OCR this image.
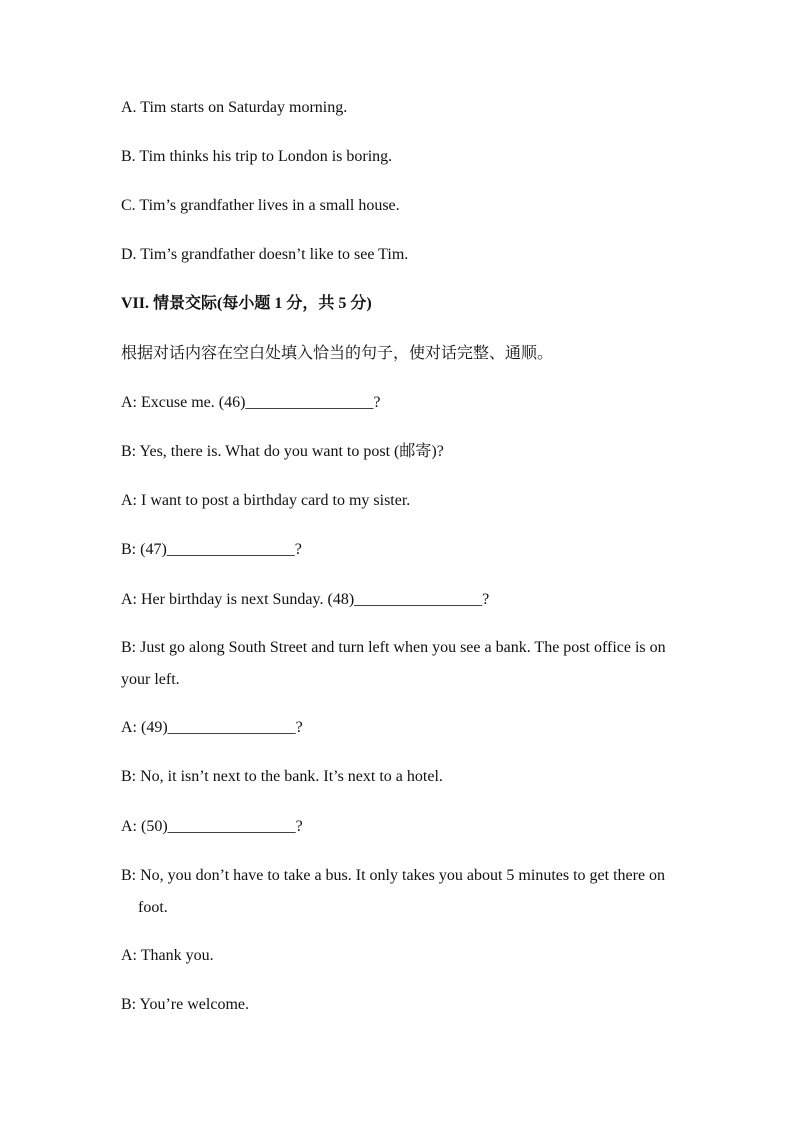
A. Tim starts on Saturday morning.
B. Tim thinks his trip to London is boring.
C. Tim’s grandfather lives in a small house.
D. Tim’s grandfather doesn’t like to see Tim.
VII. 情景交际(每小题 1 分，共 5 分)
根据对话内容在空白处填入恰当的句子，使对话完整、通顺。
A: Excuse me. (46)________________?
B: Yes, there is. What do you want to post (邮寄)?
A: I want to post a birthday card to my sister.
B: (47)________________?
A: Her birthday is next Sunday. (48)________________?
B: Just go along South Street and turn left when you see a bank. The post office is on
your left.
A: (49)________________?
B: No, it isn’t next to the bank. It’s next to a hotel.
A: (50)________________?
B: No, you don’t have to take a bus. It only takes you about 5 minutes to get there on
foot.
A: Thank you.
B: You’re welcome.
